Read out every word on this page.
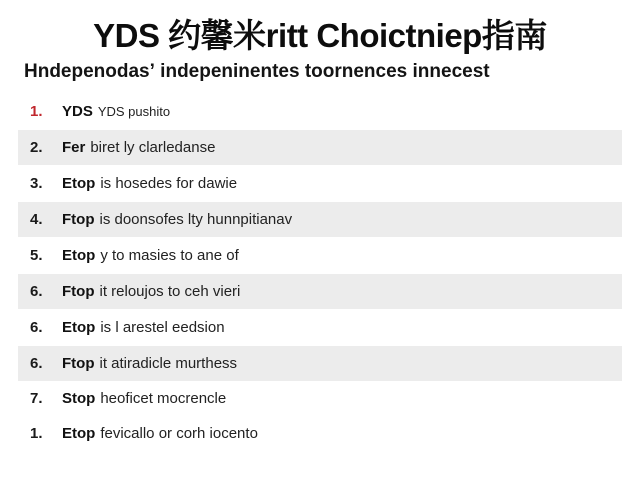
YDS 约馨米ritt Choictniep指南
Hndepenodasʼ indepeninentes toornences innecest
1.	YDS YDS pushito
2.	Fer biret ly clarledanse
3.	Etop is hosedes for dawie
4.	Ftop is doonsofes lty hunnpitianav
5.	Etop y to masies to ane of
6.	Ftop it reloujos to ceh vieri
6.	Etop is l arestel eedsion
6.	Ftop it atiradicle murthess
7.	Stop heoficet mocrencle
1.	Etop fevicallo or corh iocento
